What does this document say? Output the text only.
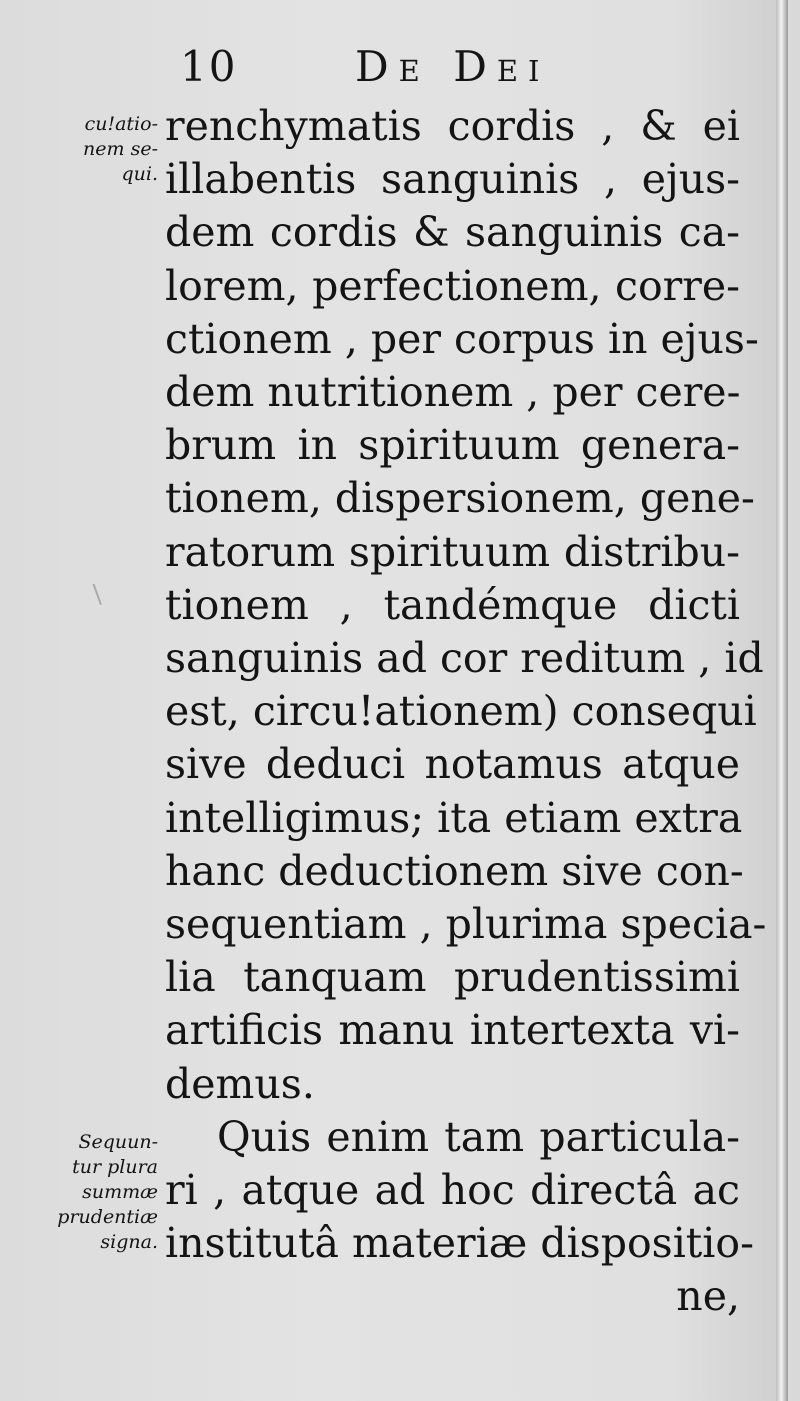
10	De Dei
cu!atio-
nem se-
qui.
Sequun-
tur plura
summæ
prudentiæ
signa.
renchymatis cordis , & ei
illabentis sanguinis , ejus-
dem cordis & sanguinis ca-
lorem, perfectionem, corre-
ctionem , per corpus in ejus-
dem nutritionem , per cere-
brum in spirituum genera-
tionem, dispersionem, gene-
ratorum spirituum distribu-
tionem , tandémque dicti
sanguinis ad cor reditum , id
est, circu!ationem) consequi
sive deduci notamus atque
intelligimus; ita etiam extra
hanc deductionem sive con-
sequentiam , plurima specia-
lia tanquam prudentissimi
artificis manu intertexta vi-
demus.
Quis enim tam particula-
ri , atque ad hoc directâ ac
institutâ materiæ dispositio-
ne,
